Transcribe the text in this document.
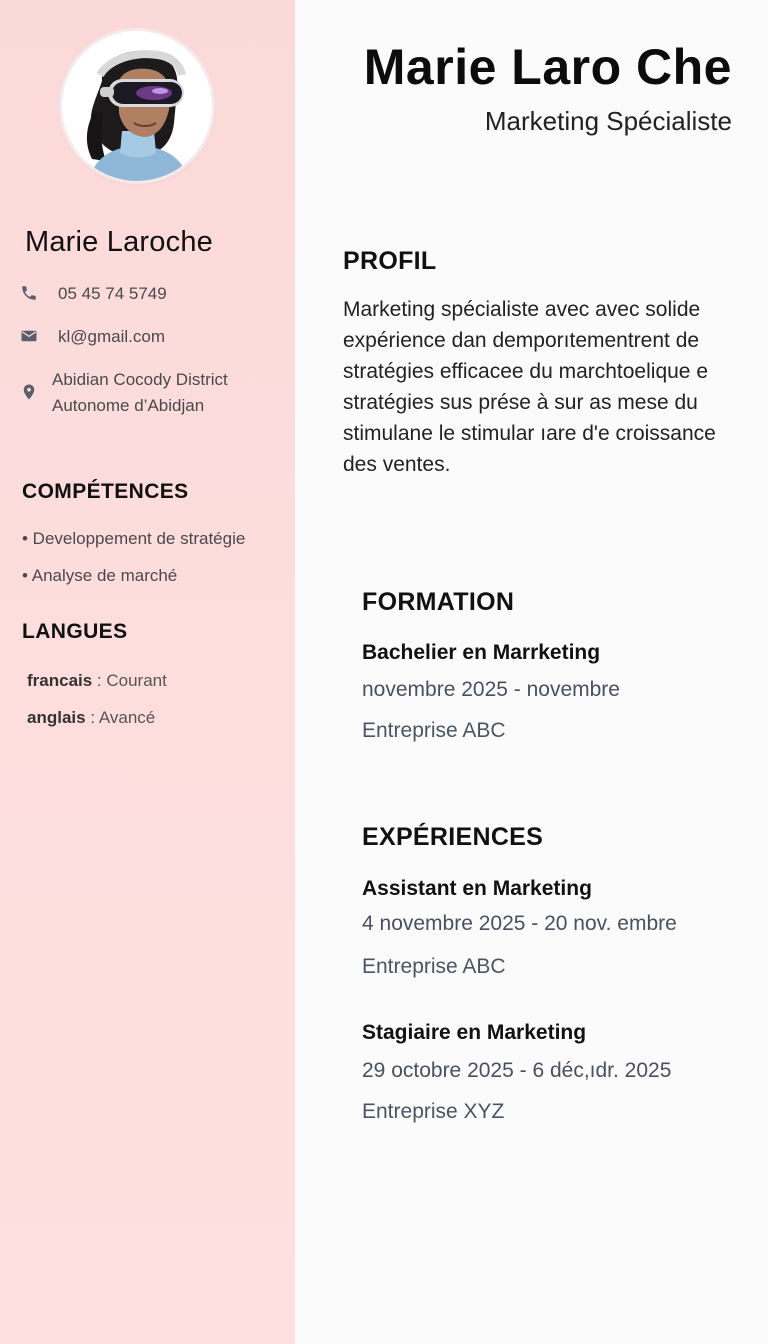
Marie Laroche
05 45 74 5749
kl@gmail.com
Abidian Cocody District
Autonome d’Abidjan
COMPÉTENCES
• Developpement de stratégie
• Analyse de marché
LANGUES
francais : Courant
anglais : Avancé
Marie Laro Che
Marketing Spécialiste
PROFIL
Marketing spécialiste avec avec solide expérience dan demporıtementrent de stratégies efficacee du marchtoelique e stratégies sus prése à sur as mese du stimulane le stimular ıare d'e croissance des ventes.
FORMATION
Bachelier en Marrketing
novembre 2025 - novembre
Entreprise ABC
EXPÉRIENCES
Assistant en Marketing
4 novembre 2025 - 20 nov. embre
Entreprise ABC
Stagiaire en Marketing
29 octobre 2025 - 6 déc,ıdr. 2025
Entreprise XYZ
